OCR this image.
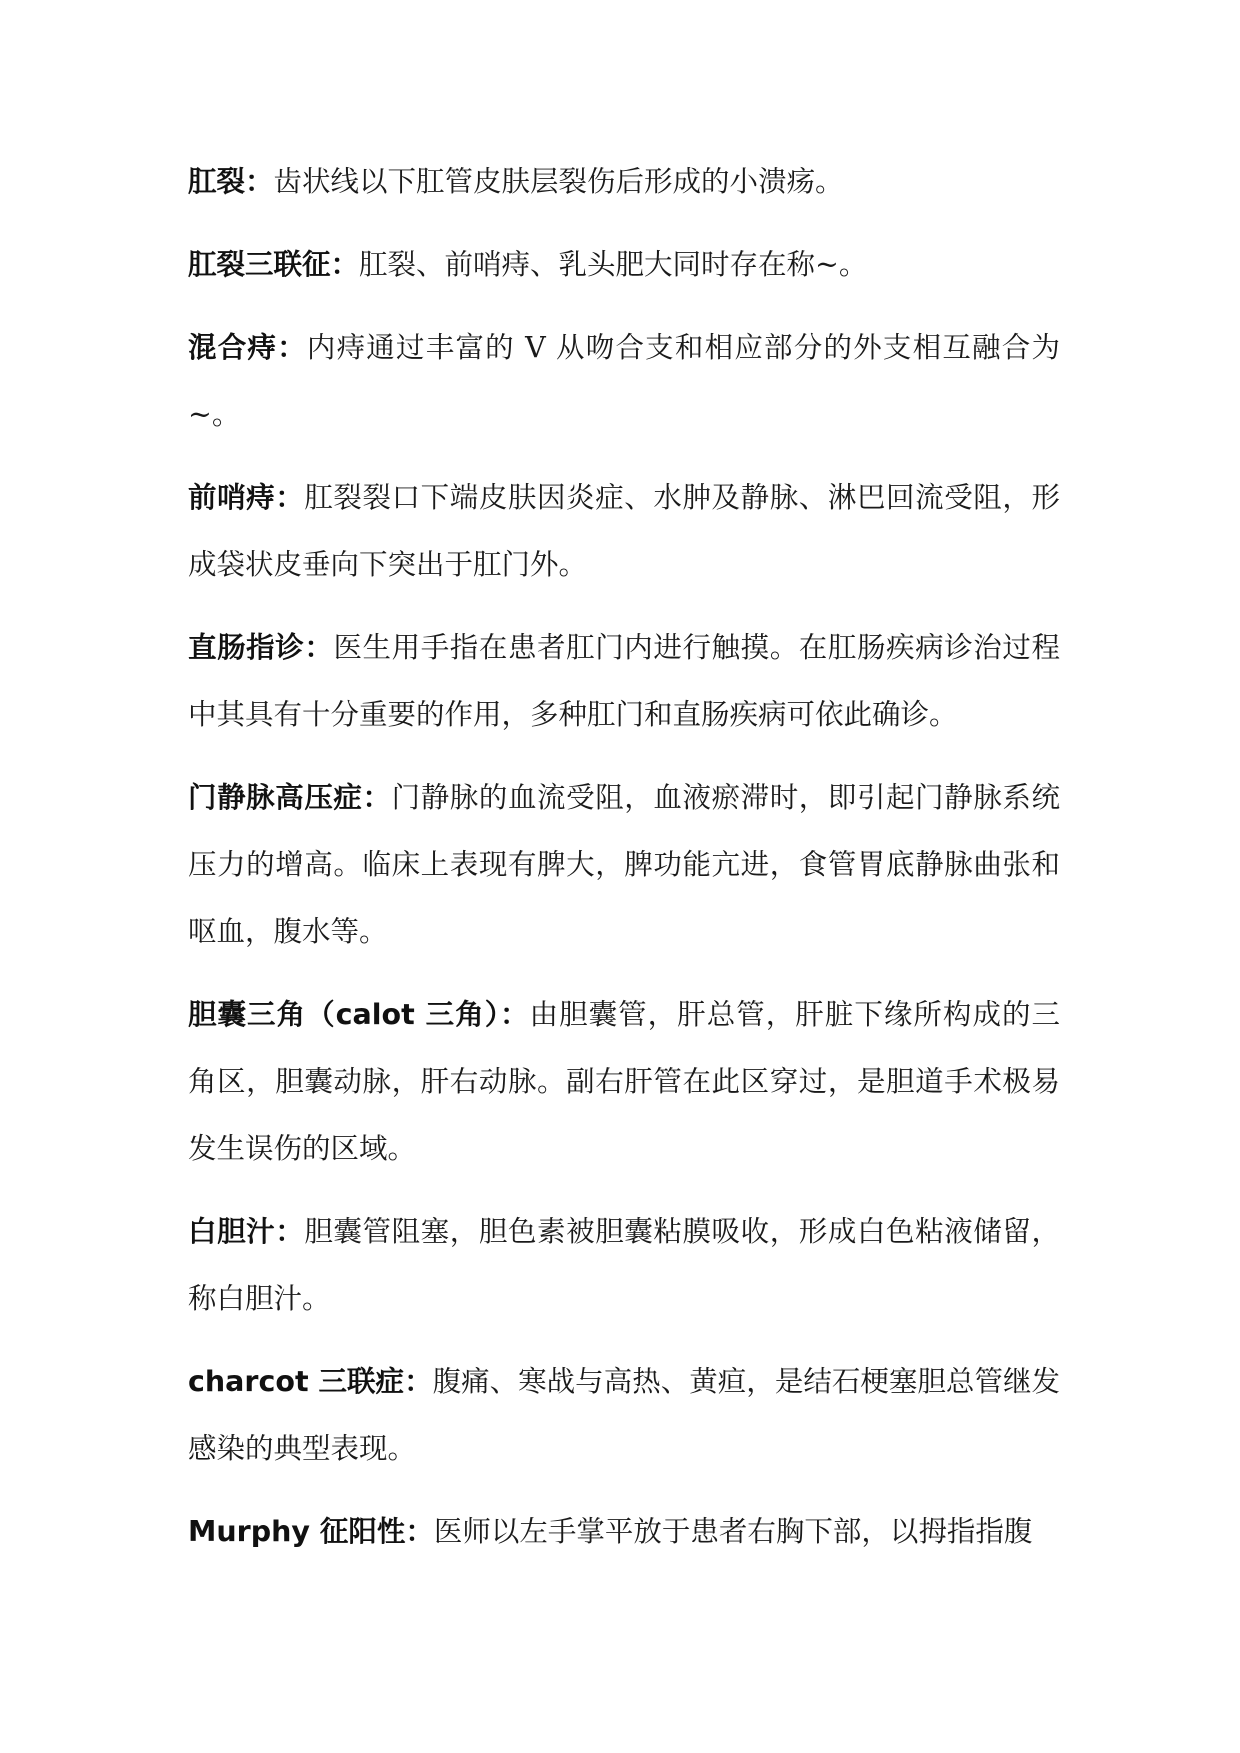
肛裂：齿状线以下肛管皮肤层裂伤后形成的小溃疡。

肛裂三联征：肛裂、前哨痔、乳头肥大同时存在称~。

混合痔：内痔通过丰富的 V 从吻合支和相应部分的外支相互融合为~。

前哨痔：肛裂裂口下端皮肤因炎症、水肿及静脉、淋巴回流受阻，形成袋状皮垂向下突出于肛门外。

直肠指诊：医生用手指在患者肛门内进行触摸。在肛肠疾病诊治过程中其具有十分重要的作用，多种肛门和直肠疾病可依此确诊。

门静脉高压症：门静脉的血流受阻，血液瘀滞时，即引起门静脉系统压力的增高。临床上表现有脾大，脾功能亢进，食管胃底静脉曲张和呕血，腹水等。

胆囊三角（calot 三角）：由胆囊管，肝总管，肝脏下缘所构成的三角区，胆囊动脉，肝右动脉。副右肝管在此区穿过，是胆道手术极易发生误伤的区域。

白胆汁：胆囊管阻塞，胆色素被胆囊粘膜吸收，形成白色粘液储留，称白胆汁。

charcot 三联症：腹痛、寒战与高热、黄疸，是结石梗塞胆总管继发感染的典型表现。

Murphy 征阳性：医师以左手掌平放于患者右胸下部，以拇指指腹
